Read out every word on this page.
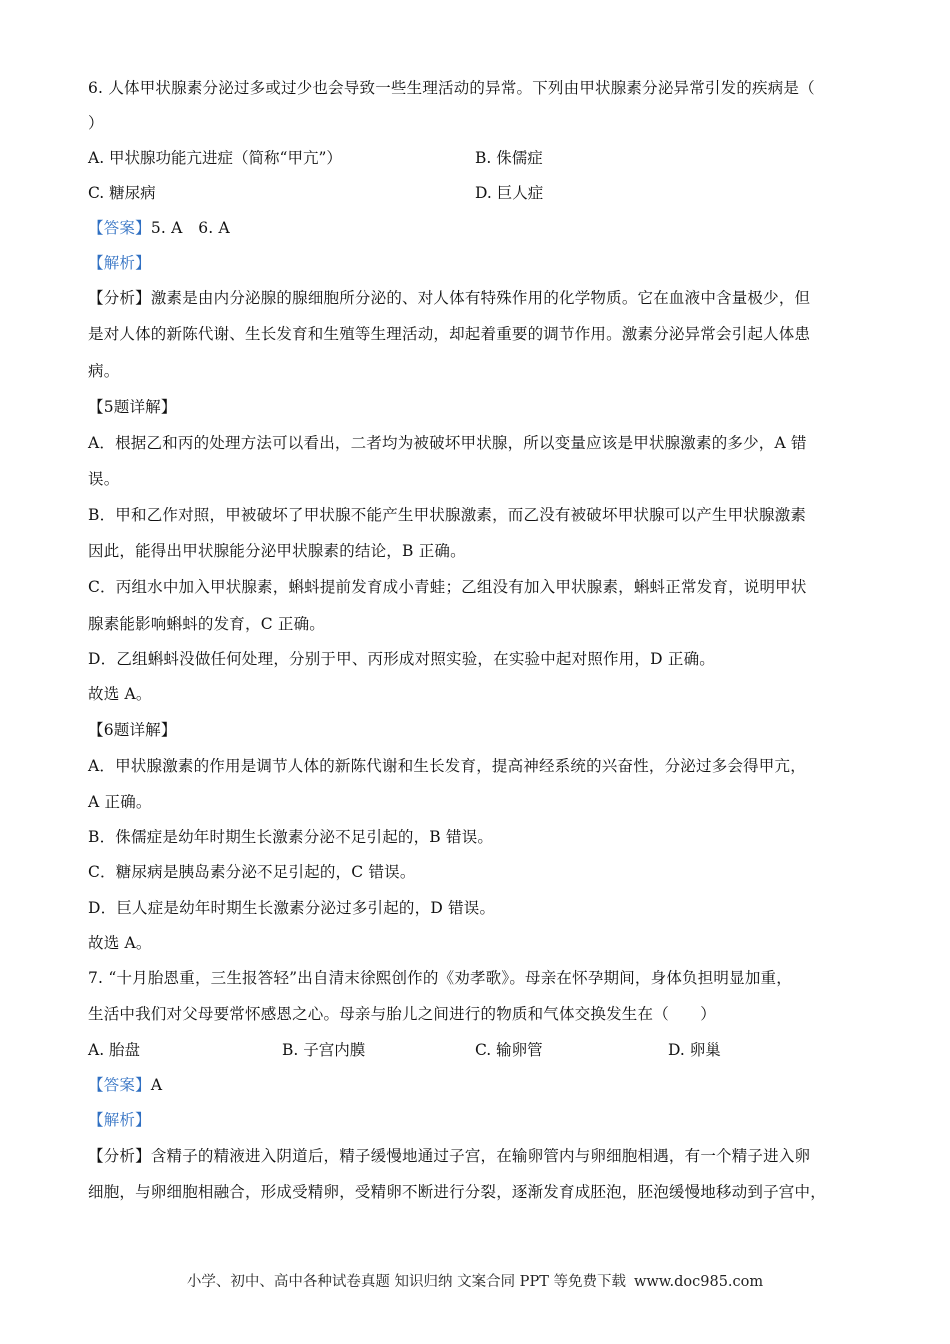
6. 人体甲状腺素分泌过多或过少也会导致一些生理活动的异常。下列由甲状腺素分泌异常引发的疾病是（
）
A. 甲状腺功能亢进症（简称“甲亢”）	B. 侏儒症
C. 糖尿病	D. 巨人症
【答案】5. A　6. A
【解析】
【分析】激素是由内分泌腺的腺细胞所分泌的、对人体有特殊作用的化学物质。它在血液中含量极少，但
是对人体的新陈代谢、生长发育和生殖等生理活动，却起着重要的调节作用。激素分泌异常会引起人体患
病。
【5题详解】
A．根据乙和丙的处理方法可以看出，二者均为被破坏甲状腺，所以变量应该是甲状腺激素的多少，A 错
误。
B．甲和乙作对照，甲被破坏了甲状腺不能产生甲状腺激素，而乙没有被破坏甲状腺可以产生甲状腺激素
因此，能得出甲状腺能分泌甲状腺素的结论，B 正确。
C．丙组水中加入甲状腺素，蝌蚪提前发育成小青蛙；乙组没有加入甲状腺素，蝌蚪正常发育，说明甲状
腺素能影响蝌蚪的发育，C 正确。
D．乙组蝌蚪没做任何处理，分别于甲、丙形成对照实验，在实验中起对照作用，D 正确。
故选 A。
【6题详解】
A．甲状腺激素的作用是调节人体的新陈代谢和生长发育，提高神经系统的兴奋性，分泌过多会得甲亢，
A 正确。
B．侏儒症是幼年时期生长激素分泌不足引起的，B 错误。
C．糖尿病是胰岛素分泌不足引起的，C 错误。
D．巨人症是幼年时期生长激素分泌过多引起的，D 错误。
故选 A。
7. “十月胎恩重，三生报答轻”出自清末徐熙创作的《劝孝歌》。母亲在怀孕期间，身体负担明显加重，
生活中我们对父母要常怀感恩之心。母亲与胎儿之间进行的物质和气体交换发生在（　　）
A. 胎盘	B. 子宫内膜	C. 输卵管	D. 卵巢
【答案】A
【解析】
【分析】含精子的精液进入阴道后，精子缓慢地通过子宫，在输卵管内与卵细胞相遇，有一个精子进入卵
细胞，与卵细胞相融合，形成受精卵，受精卵不断进行分裂，逐渐发育成胚泡，胚泡缓慢地移动到子宫中，
小学、初中、高中各种试卷真题 知识归纳 文案合同 PPT 等免费下载 www.doc985.com
